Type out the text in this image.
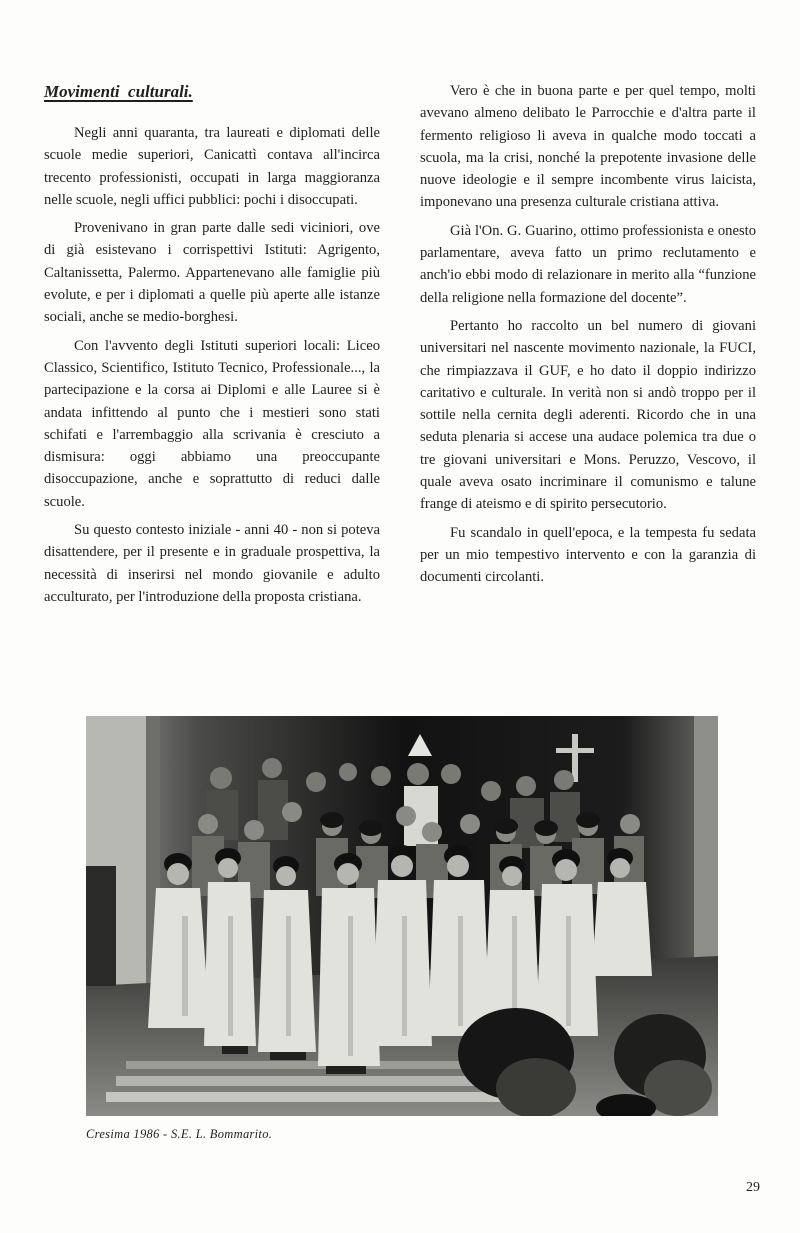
Movimenti  culturali.

Negli anni quaranta, tra laureati e diplomati delle scuole medie superiori, Canicattì contava all'incirca trecento professionisti, occupati in larga maggioranza nelle scuole, negli uffici pubblici: pochi i disoccupati.

Provenivano in gran parte dalle sedi viciniori, ove di già esistevano i corrispettivi Istituti: Agrigento, Caltanissetta, Palermo. Appartenevano alle famiglie più evolute, e per i diplomati a quelle più aperte alle istanze sociali, anche se medio-borghesi.

Con l'avvento degli Istituti superiori locali: Liceo Classico, Scientifico, Istituto Tecnico, Professionale..., la partecipazione e la corsa ai Diplomi e alle Lauree si è andata infittendo al punto che i mestieri sono stati schifati e l'arrembaggio alla scrivania è cresciuto a dismisura: oggi abbiamo una preoccupante disoccupazione, anche e soprattutto di reduci dalle scuole.

Su questo contesto iniziale - anni 40 - non si poteva disattendere, per il presente e in graduale prospettiva, la necessità di inserirsi nel mondo giovanile e adulto acculturato, per l'introduzione della proposta cristiana.

Vero è che in buona parte e per quel tempo, molti avevano almeno delibato le Parrocchie e d'altra parte il fermento religioso li aveva in qualche modo toccati a scuola, ma la crisi, nonché la prepotente invasione delle nuove ideologie e il sempre incombente virus laicista, imponevano una presenza culturale cristiana attiva.

Già l'On. G. Guarino, ottimo professionista e onesto parlamentare, aveva fatto un primo reclutamento e anch'io ebbi modo di relazionare in merito alla “funzione della religione nella formazione del docente”.

Pertanto ho raccolto un bel numero di giovani universitari nel nascente movimento nazionale, la FUCI, che rimpiazzava il GUF, e ho dato il doppio indirizzo caritativo e culturale. In verità non si andò troppo per il sottile nella cernita degli aderenti. Ricordo che in una seduta plenaria si accese una audace polemica tra due o tre giovani universitari e Mons. Peruzzo, Vescovo, il quale aveva osato incriminare il comunismo e talune frange di ateismo e di spirito persecutorio.

Fu scandalo in quell'epoca, e la tempesta fu sedata per un mio tempestivo intervento e con la garanzia di documenti circolanti.

Cresima 1986 - S.E. L. Bommarito.
29
